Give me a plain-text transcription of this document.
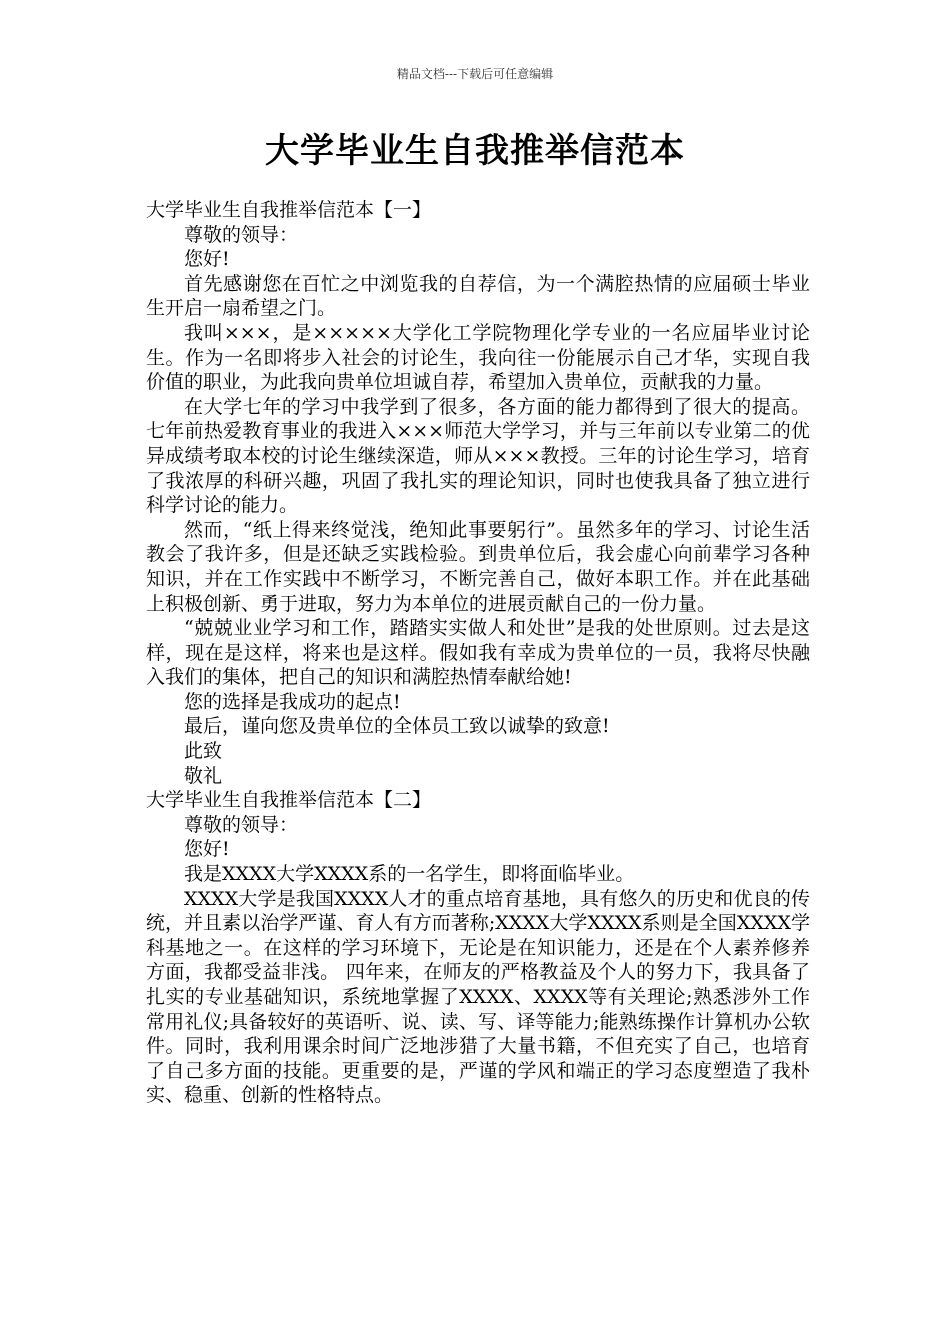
精品文档---下载后可任意编辑
大学毕业生自我推举信范本

大学毕业生自我推举信范本【一】

尊敬的领导：

您好!

首先感谢您在百忙之中浏览我的自荐信，为一个满腔热情的应届硕士毕业生开启一扇希望之门。

我叫×××，是×××××大学化工学院物理化学专业的一名应届毕业讨论生。作为一名即将步入社会的讨论生，我向往一份能展示自己才华，实现自我价值的职业，为此我向贵单位坦诚自荐，希望加入贵单位，贡献我的力量。

在大学七年的学习中我学到了很多，各方面的能力都得到了很大的提高。七年前热爱教育事业的我进入×××师范大学学习，并与三年前以专业第二的优异成绩考取本校的讨论生继续深造，师从×××教授。三年的讨论生学习，培育了我浓厚的科研兴趣，巩固了我扎实的理论知识，同时也使我具备了独立进行科学讨论的能力。

然而，“纸上得来终觉浅，绝知此事要躬行”。虽然多年的学习、讨论生活教会了我许多，但是还缺乏实践检验。到贵单位后，我会虚心向前辈学习各种知识，并在工作实践中不断学习，不断完善自己，做好本职工作。并在此基础上积极创新、勇于进取，努力为本单位的进展贡献自己的一份力量。

“兢兢业业学习和工作，踏踏实实做人和处世”是我的处世原则。过去是这样，现在是这样，将来也是这样。假如我有幸成为贵单位的一员，我将尽快融入我们的集体，把自己的知识和满腔热情奉献给她!

您的选择是我成功的起点!

最后，谨向您及贵单位的全体员工致以诚挚的致意!

此致

敬礼

大学毕业生自我推举信范本【二】

尊敬的领导：

您好!

我是XXXX大学XXXX系的一名学生，即将面临毕业。

XXXX大学是我国XXXX人才的重点培育基地，具有悠久的历史和优良的传统，并且素以治学严谨、育人有方而著称;XXXX大学XXXX系则是全国XXXX学科基地之一。在这样的学习环境下，无论是在知识能力，还是在个人素养修养方面，我都受益非浅。 四年来，在师友的严格教益及个人的努力下，我具备了扎实的专业基础知识，系统地掌握了XXXX、XXXX等有关理论;熟悉涉外工作常用礼仪;具备较好的英语听、说、读、写、译等能力;能熟练操作计算机办公软件。同时，我利用课余时间广泛地涉猎了大量书籍，不但充实了自己，也培育了自己多方面的技能。更重要的是，严谨的学风和端正的学习态度塑造了我朴实、稳重、创新的性格特点。
